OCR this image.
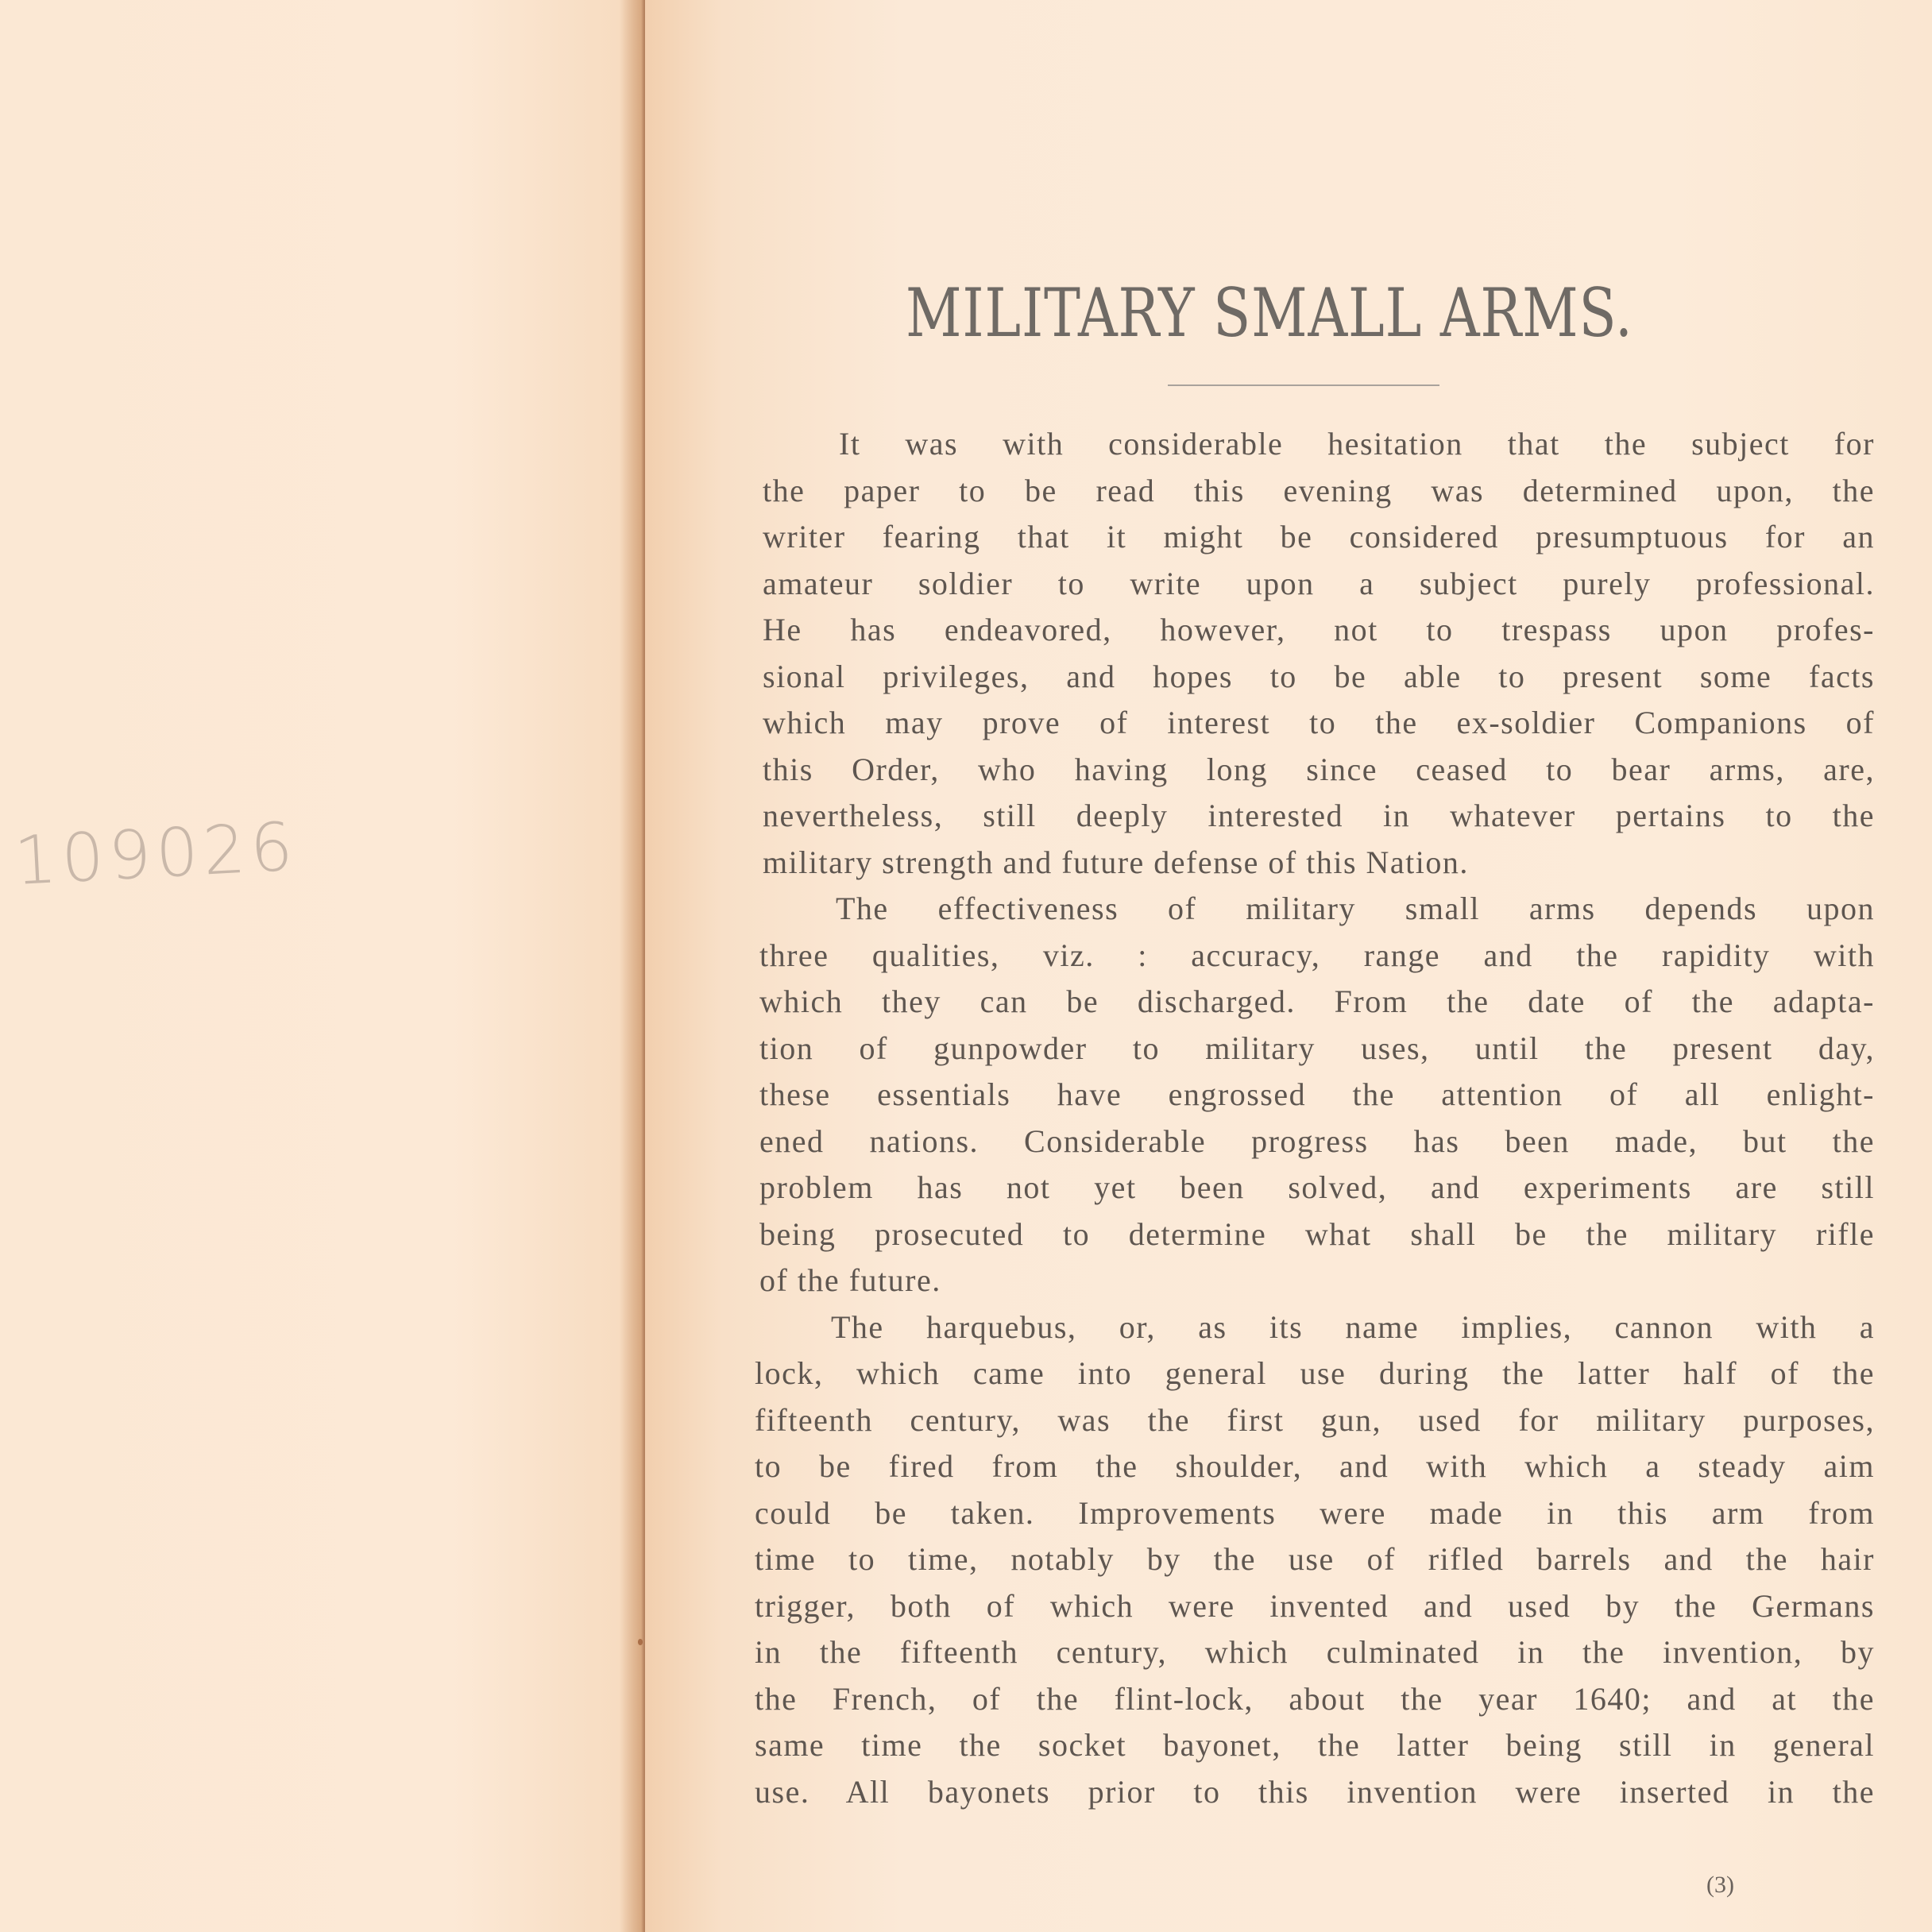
109026
MILITARY SMALL ARMS.
It was with considerable hesitation that the subject for
the paper to be read this evening was determined upon, the
writer fearing that it might be considered presumptuous for an
amateur soldier to write upon a subject purely professional.
He has endeavored, however, not to trespass upon profes-
sional privileges, and hopes to be able to present some facts
which may prove of interest to the ex-soldier Companions of
this Order, who having long since ceased to bear arms, are,
nevertheless, still deeply interested in whatever pertains to the
military strength and future defense of this Nation.
The effectiveness of military small arms depends upon
three qualities, viz. : accuracy, range and the rapidity with
which they can be discharged. From the date of the adapta-
tion of gunpowder to military uses, until the present day,
these essentials have engrossed the attention of all enlight-
ened nations. Considerable progress has been made, but the
problem has not yet been solved, and experiments are still
being prosecuted to determine what shall be the military rifle
of the future.
The harquebus, or, as its name implies, cannon with a
lock, which came into general use during the latter half of the
fifteenth century, was the first gun, used for military purposes,
to be fired from the shoulder, and with which a steady aim
could be taken. Improvements were made in this arm from
time to time, notably by the use of rifled barrels and the hair
trigger, both of which were invented and used by the Germans
in the fifteenth century, which culminated in the invention, by
the French, of the flint-lock, about the year 1640; and at the
same time the socket bayonet, the latter being still in general
use. All bayonets prior to this invention were inserted in the
(3)
